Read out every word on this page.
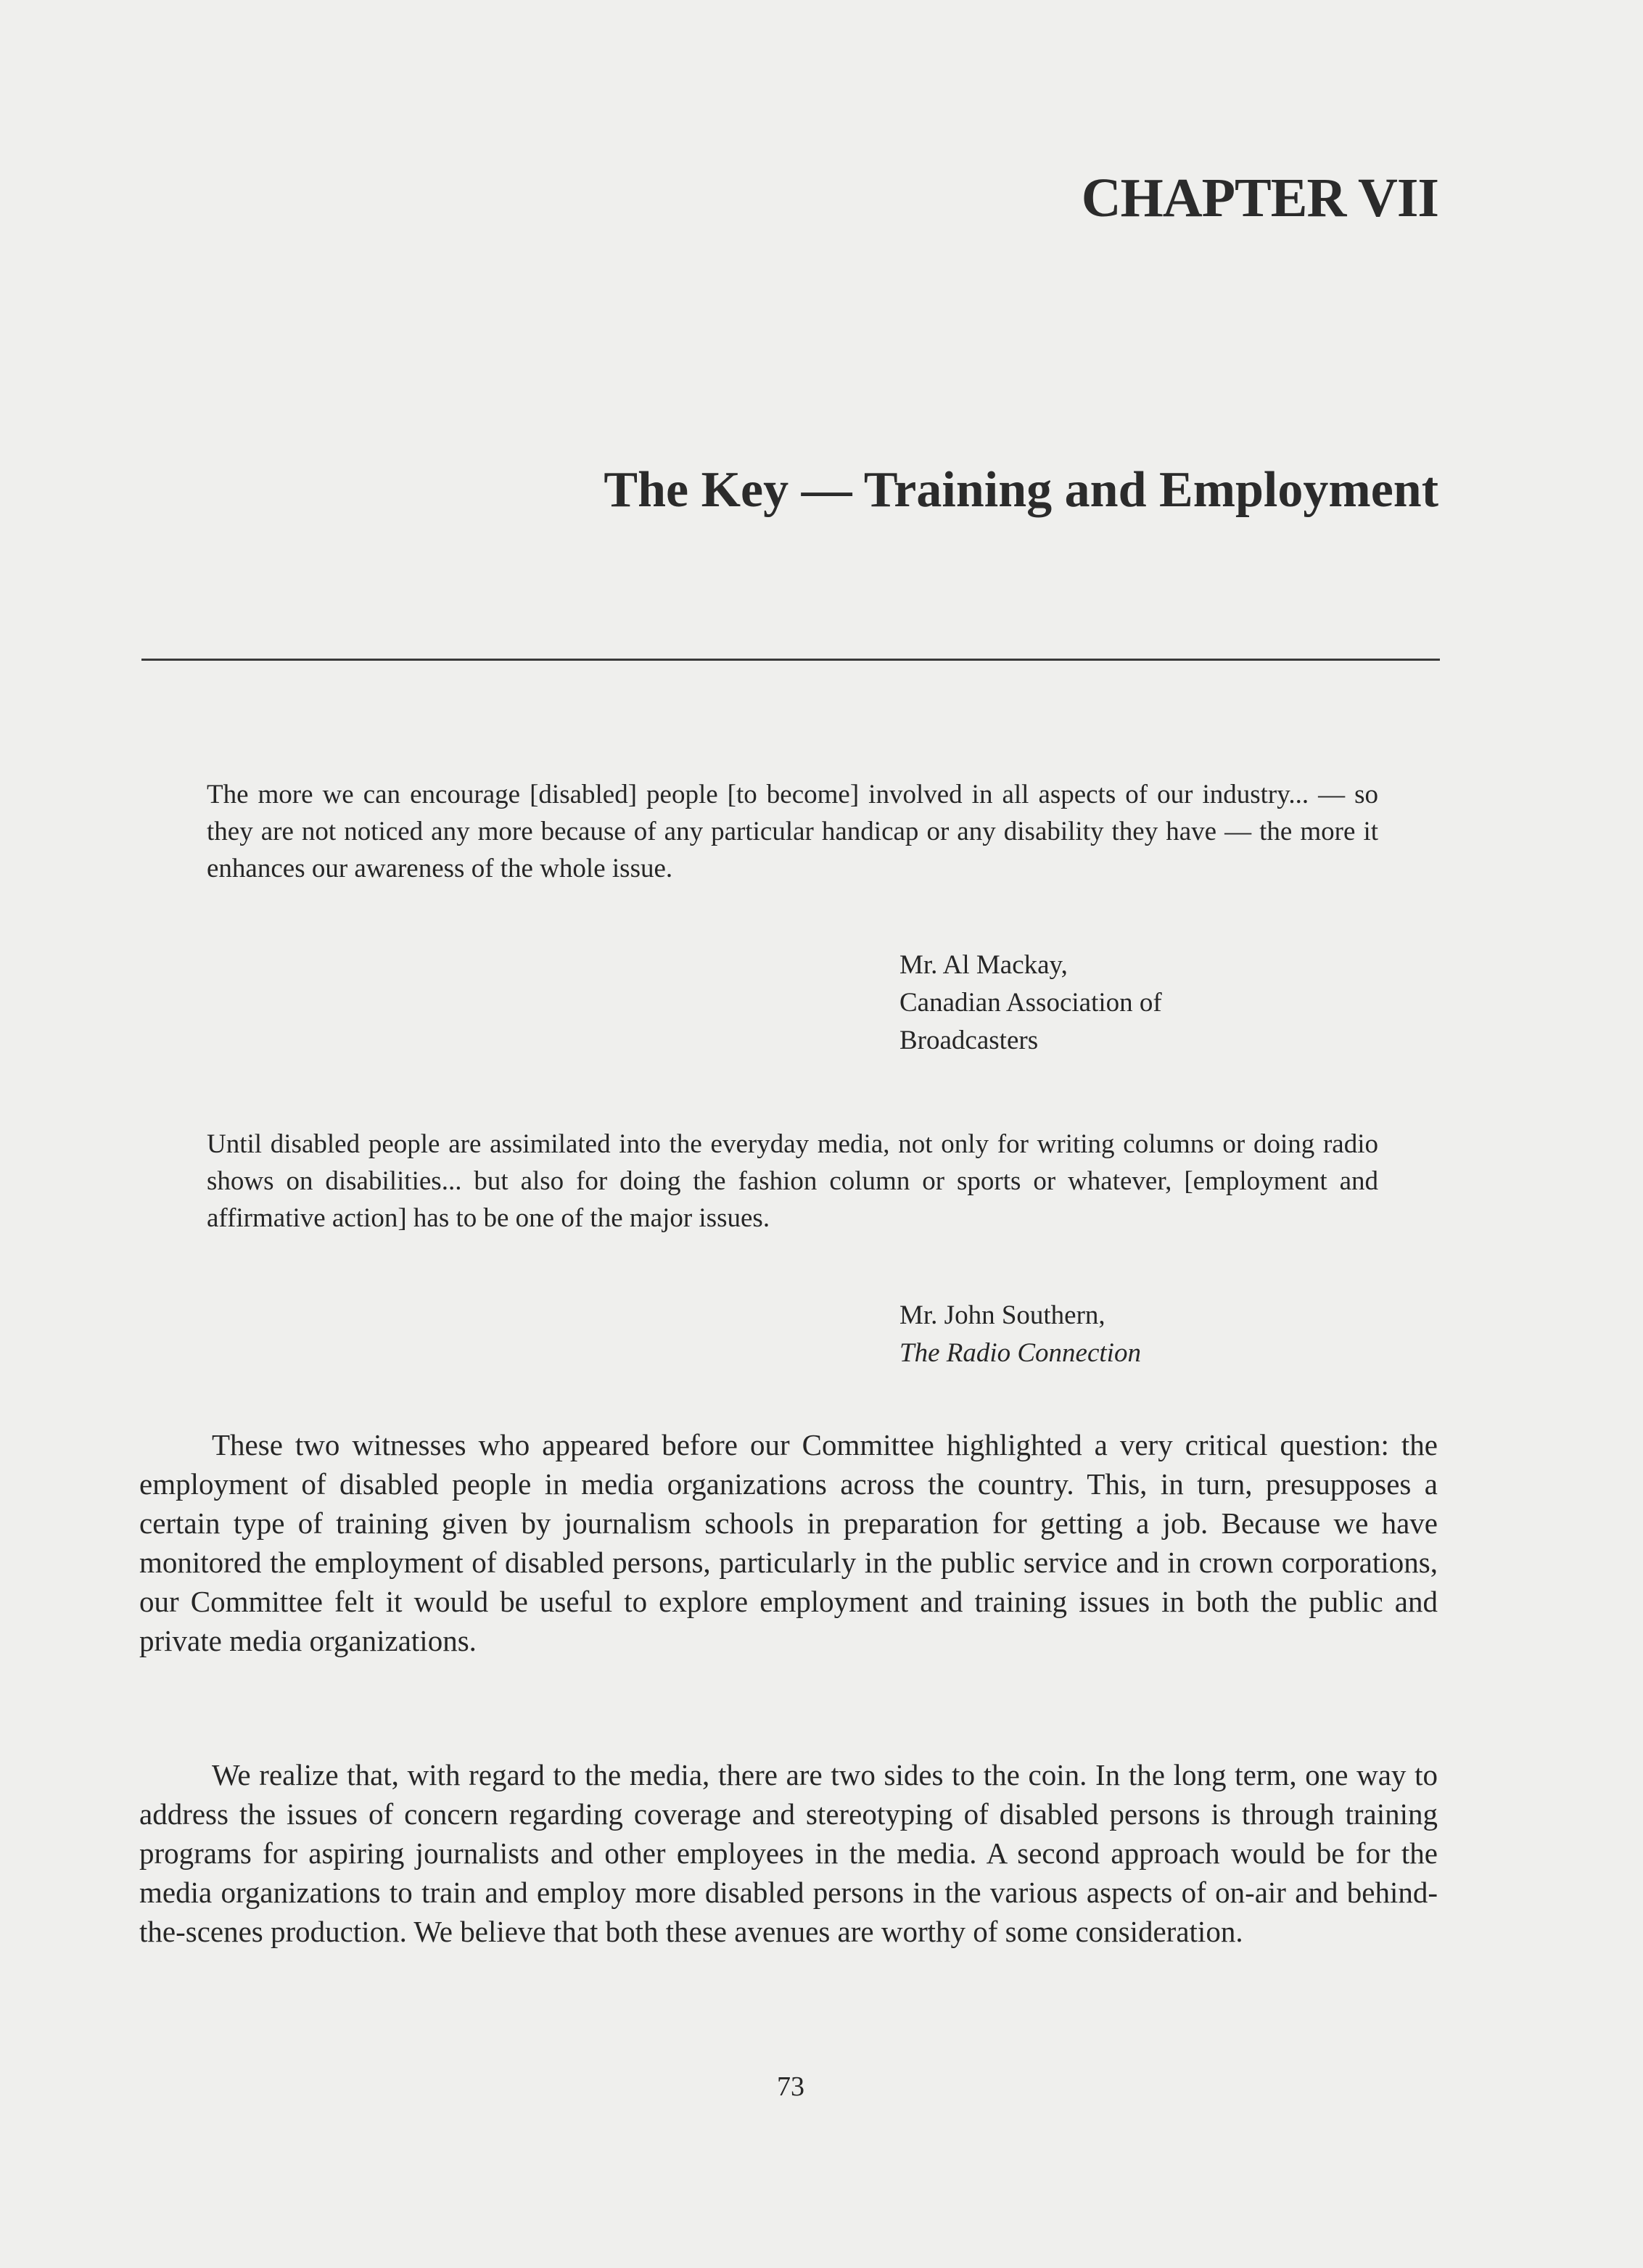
CHAPTER VII
The Key — Training and Employment

The more we can encourage [disabled] people [to become] involved in all aspects of our industry... — so they are not noticed any more because of any particular handicap or any disability they have — the more it enhances our awareness of the whole issue.

Mr. Al Mackay,
Canadian Association of
Broadcasters

Until disabled people are assimilated into the everyday media, not only for writing columns or doing radio shows on disabilities... but also for doing the fashion column or sports or whatever, [employment and affirmative action] has to be one of the major issues.

Mr. John Southern,
The Radio Connection

These two witnesses who appeared before our Committee highlighted a very critical question: the employment of disabled people in media organizations across the country. This, in turn, presupposes a certain type of training given by journalism schools in preparation for getting a job. Because we have monitored the employment of disabled persons, particularly in the public service and in crown corporations, our Committee felt it would be useful to explore employment and training issues in both the public and private media organizations.

We realize that, with regard to the media, there are two sides to the coin. In the long term, one way to address the issues of concern regarding coverage and stereotyping of disabled persons is through training programs for aspiring journalists and other employees in the media. A second approach would be for the media organizations to train and employ more disabled persons in the various aspects of on-air and behind-the-scenes production. We believe that both these avenues are worthy of some consideration.

73
